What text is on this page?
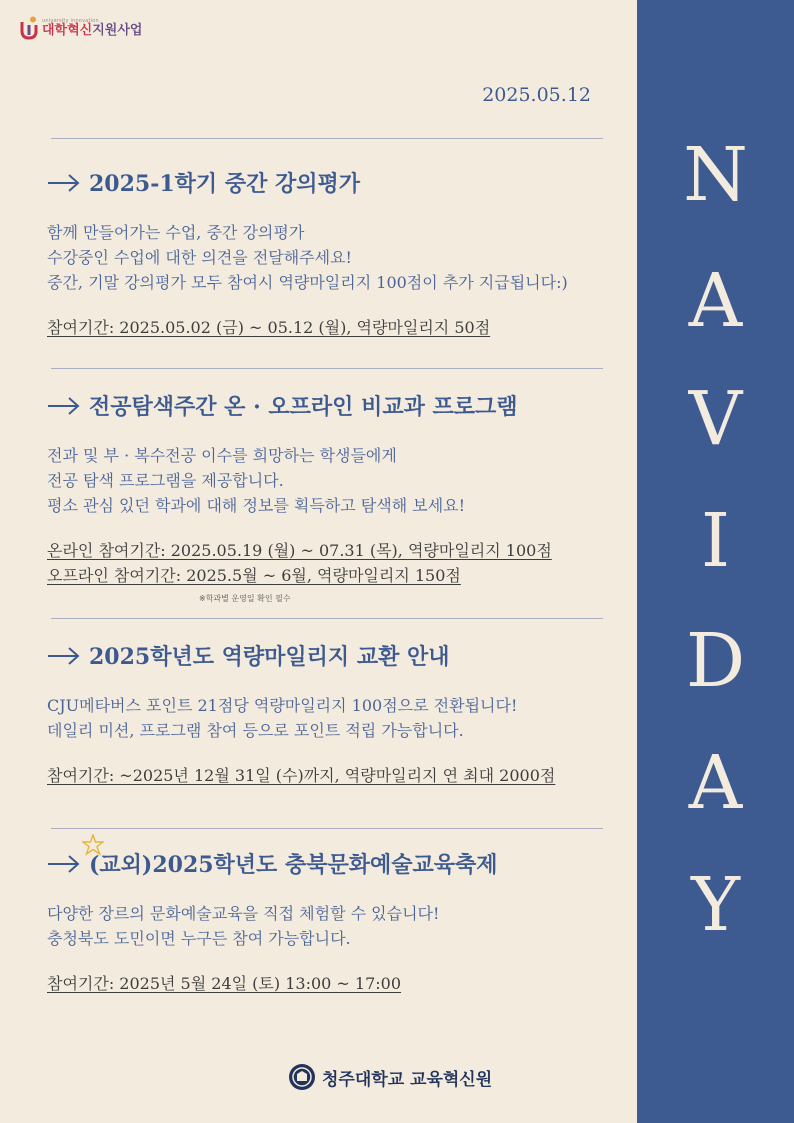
university innovation
대학혁신지원사업
2025.05.12
2025-1학기 중간 강의평가
함께 만들어가는 수업, 중간 강의평가
수강중인 수업에 대한 의견을 전달해주세요!
중간, 기말 강의평가 모두 참여시 역량마일리지 100점이 추가 지급됩니다:)
참여기간: 2025.05.02 (금) ~ 05.12 (월), 역량마일리지 50점
전공탐색주간 온 · 오프라인 비교과 프로그램
전과 및 부 · 복수전공 이수를 희망하는 학생들에게
전공 탐색 프로그램을 제공합니다.
평소 관심 있던 학과에 대해 정보를 획득하고 탐색해 보세요!
온라인 참여기간: 2025.05.19 (월) ~ 07.31 (목), 역량마일리지 100점
오프라인 참여기간: 2025.5월 ~ 6월, 역량마일리지 150점
※학과별 운영일 확인 필수
2025학년도 역량마일리지 교환 안내
CJU메타버스 포인트 21점당 역량마일리지 100점으로 전환됩니다!
데일리 미션, 프로그램 참여 등으로 포인트 적립 가능합니다.
참여기간: ~2025년 12월 31일 (수)까지, 역량마일리지 연 최대 2000점
(교외)2025학년도 충북문화예술교육축제
다양한 장르의 문화예술교육을 직접 체험할 수 있습니다!
충청북도 도민이면 누구든 참여 가능합니다.
참여기간: 2025년 5월 24일 (토) 13:00 ~ 17:00
청주대학교 교육혁신원
N
A
V
I
D
A
Y
